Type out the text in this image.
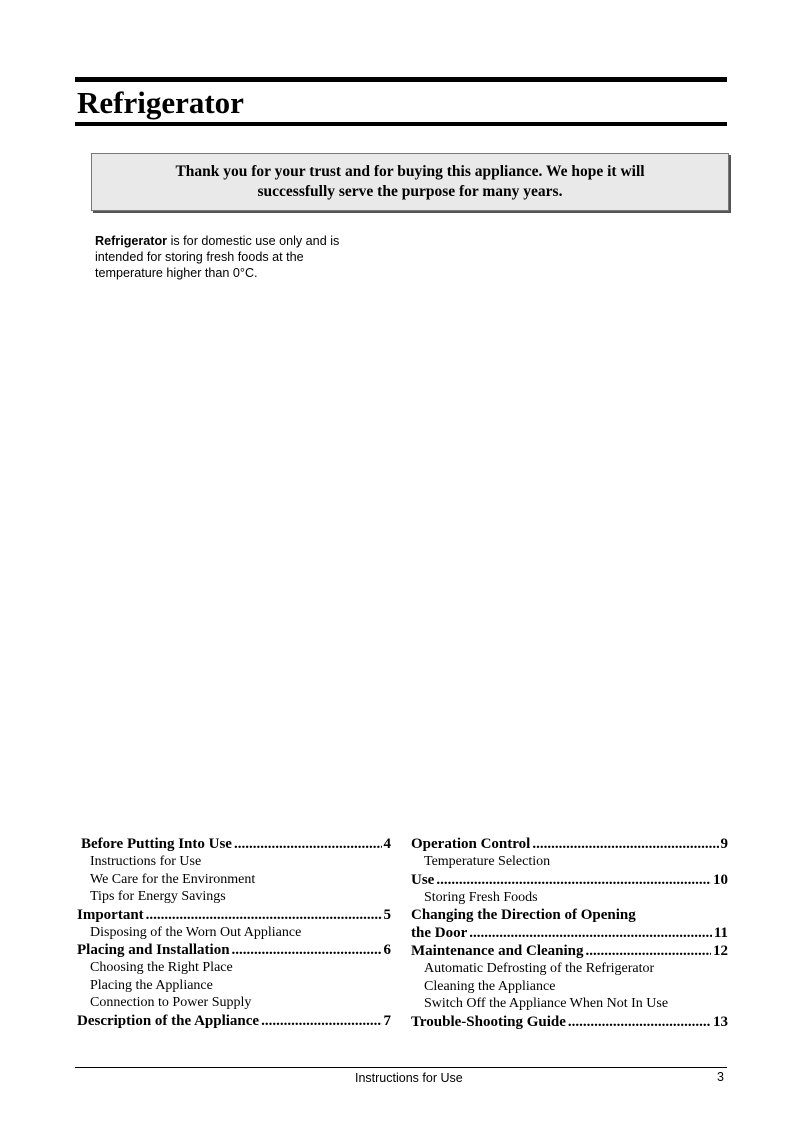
Refrigerator

Thank you for your trust and for buying this appliance. We hope it will successfully serve the purpose for many years.

Refrigerator is for domestic use only and is intended for storing fresh foods at the temperature higher than 0°C.

Before Putting Into Use .....	4
Instructions for Use
We Care for the Environment
Tips for Energy Savings
Important .....	5
Disposing of the Worn Out Appliance
Placing and Installation .....	6
Choosing the Right Place
Placing the Appliance
Connection to Power Supply
Description of the Appliance .....	7
Operation Control .....	9
Temperature Selection
Use .....	10
Storing Fresh Foods
Changing the Direction of Opening
the Door .....	11
Maintenance and Cleaning .....	12
Automatic Defrosting of the Refrigerator
Cleaning the Appliance
Switch Off the Appliance When Not In Use
Trouble-Shooting Guide .....	13

Instructions for Use	3
